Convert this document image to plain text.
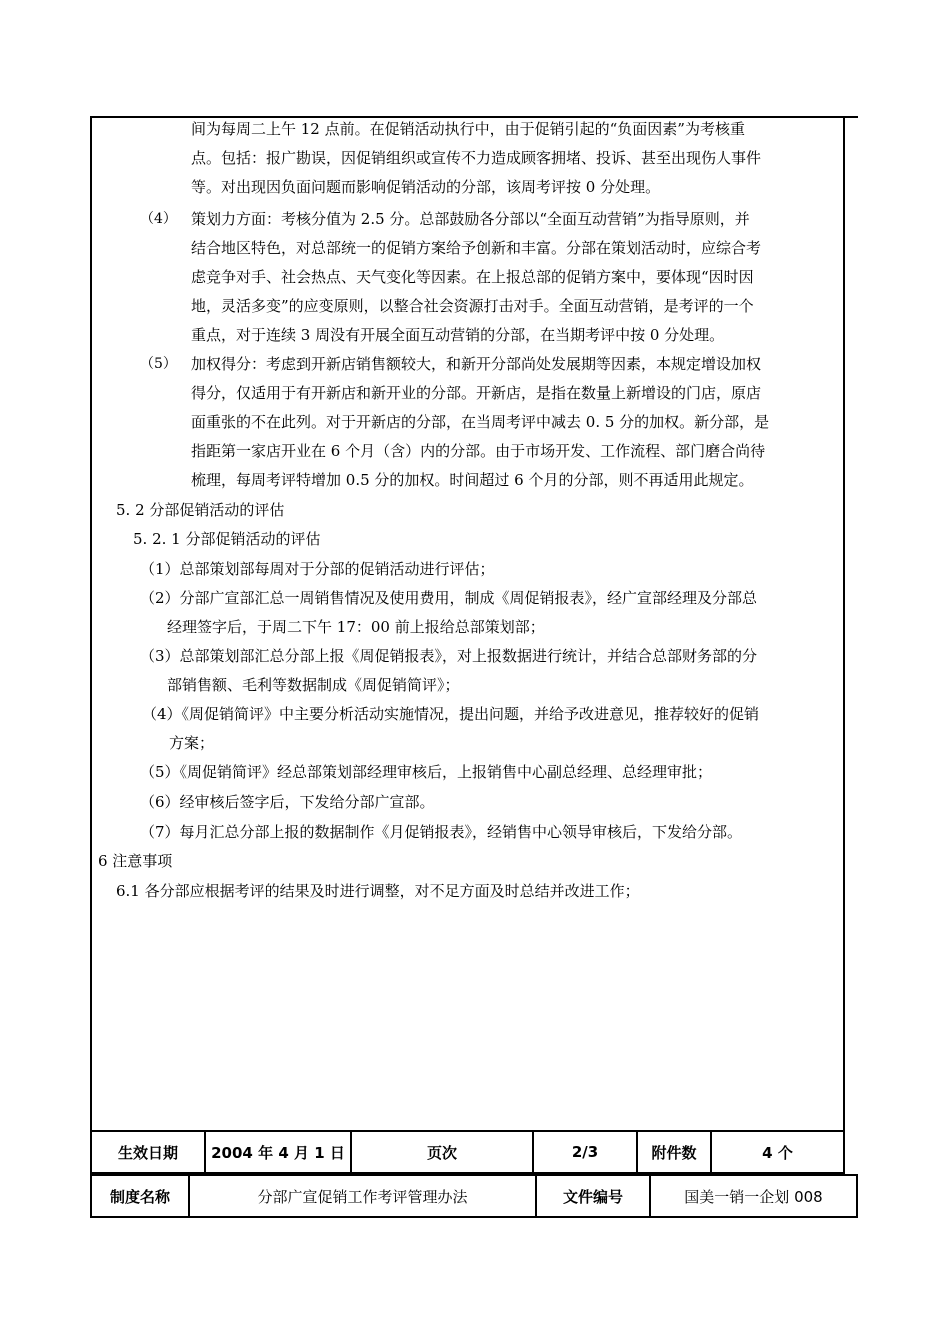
间为每周二上午 12 点前。在促销活动执行中，由于促销引起的“负面因素”为考核重
点。包括：报广勘误，因促销组织或宣传不力造成顾客拥堵、投诉、甚至出现伤人事件
等。对出现因负面问题而影响促销活动的分部，该周考评按 0 分处理。
（4） 策划力方面：考核分值为 2.5 分。总部鼓励各分部以“全面互动营销”为指导原则，并
结合地区特色，对总部统一的促销方案给予创新和丰富。分部在策划活动时，应综合考
虑竞争对手、社会热点、天气变化等因素。在上报总部的促销方案中，要体现“因时因
地，灵活多变”的应变原则，以整合社会资源打击对手。全面互动营销，是考评的一个
重点，对于连续 3 周没有开展全面互动营销的分部，在当期考评中按 0 分处理。
（5） 加权得分：考虑到开新店销售额较大，和新开分部尚处发展期等因素，本规定增设加权
得分，仅适用于有开新店和新开业的分部。开新店，是指在数量上新增设的门店，原店
面重张的不在此列。对于开新店的分部，在当周考评中减去 0. 5 分的加权。新分部，是
指距第一家店开业在 6 个月（含）内的分部。由于市场开发、工作流程、部门磨合尚待
梳理，每周考评特增加 0.5 分的加权。时间超过 6 个月的分部，则不再适用此规定。
5. 2 分部促销活动的评估
5. 2. 1 分部促销活动的评估
（1）总部策划部每周对于分部的促销活动进行评估；
（2）分部广宣部汇总一周销售情况及使用费用，制成《周促销报表》，经广宣部经理及分部总
经理签字后，于周二下午 17：00 前上报给总部策划部；
（3）总部策划部汇总分部上报《周促销报表》，对上报数据进行统计，并结合总部财务部的分
部销售额、毛利等数据制成《周促销简评》；
（4）《周促销简评》中主要分析活动实施情况，提出问题，并给予改进意见，推荐较好的促销
方案；
（5）《周促销简评》经总部策划部经理审核后，上报销售中心副总经理、总经理审批；
（6）经审核后签字后，下发给分部广宣部。
（7）每月汇总分部上报的数据制作《月促销报表》，经销售中心领导审核后，下发给分部。
6 注意事项
6.1 各分部应根据考评的结果及时进行调整，对不足方面及时总结并改进工作；
生效日期	2004 年 4 月 1 日	页次	2/3	附件数	4 个
制度名称	分部广宣促销工作考评管理办法	文件编号	国美一销一企划 008
